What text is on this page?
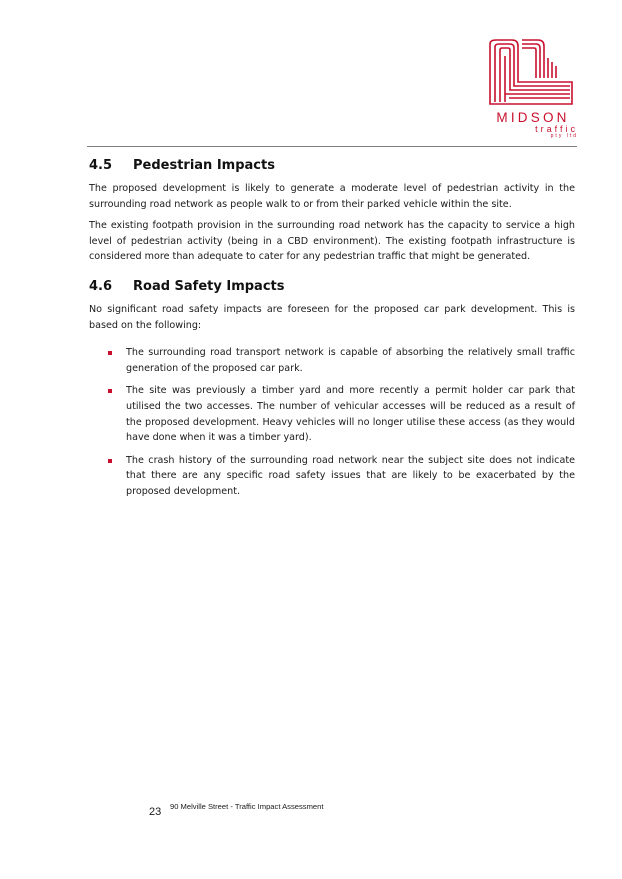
MIDSON
traffic
pty ltd
4.5	Pedestrian Impacts

The proposed development is likely to generate a moderate level of pedestrian activity in the surrounding road network as people walk to or from their parked vehicle within the site.

The existing footpath provision in the surrounding road network has the capacity to service a high level of pedestrian activity (being in a CBD environment). The existing footpath infrastructure is considered more than adequate to cater for any pedestrian traffic that might be generated.

4.6	Road Safety Impacts

No significant road safety impacts are foreseen for the proposed car park development. This is based on the following:

The surrounding road transport network is capable of absorbing the relatively small traffic generation of the proposed car park.
The site was previously a timber yard and more recently a permit holder car park that utilised the two accesses. The number of vehicular accesses will be reduced as a result of the proposed development. Heavy vehicles will no longer utilise these access (as they would have done when it was a timber yard).
The crash history of the surrounding road network near the subject site does not indicate that there are any specific road safety issues that are likely to be exacerbated by the proposed development.
23 90 Melville Street - Traffic Impact Assessment
